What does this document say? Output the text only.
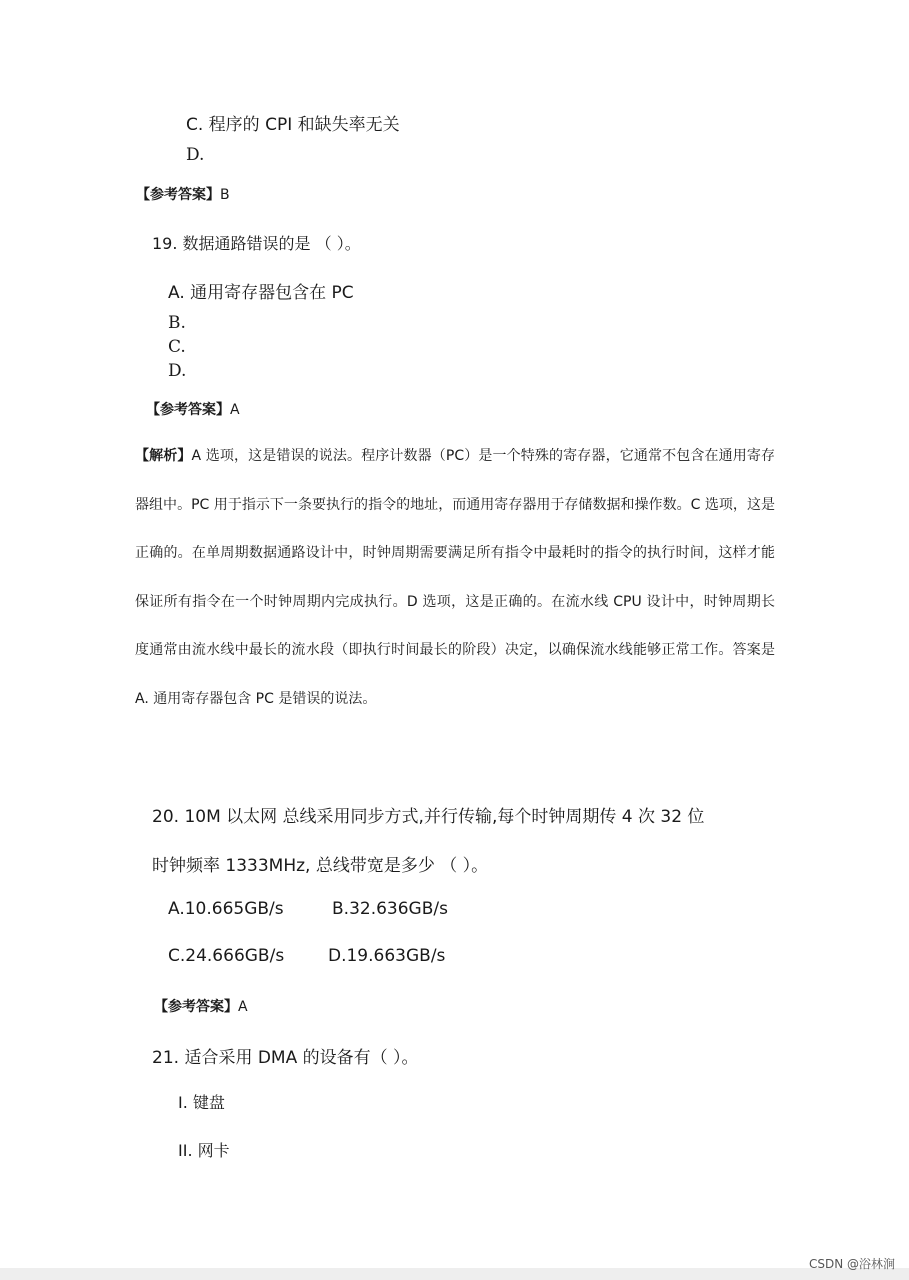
C. 程序的 CPI 和缺失率无关
D.
【参考答案】B
19. 数据通路错误的是 （ ）。
A. 通用寄存器包含在 PC
B.
C.
D.
【参考答案】A
【解析】A 选项，这是错误的说法。程序计数器（PC）是一个特殊的寄存器，它通常不包含在通用寄存器组中。PC 用于指示下一条要执行的指令的地址，而通用寄存器用于存储数据和操作数。C 选项，这是正确的。在单周期数据通路设计中，时钟周期需要满足所有指令中最耗时的指令的执行时间，这样才能保证所有指令在一个时钟周期内完成执行。D 选项，这是正确的。在流水线 CPU 设计中，时钟周期长度通常由流水线中最长的流水段（即执行时间最长的阶段）决定，以确保流水线能够正常工作。答案是 A. 通用寄存器包含 PC 是错误的说法。
20. 10M 以太网 总线采用同步方式,并行传输,每个时钟周期传 4 次 32 位
时钟频率 1333MHz, 总线带宽是多少 （ ）。
A.10.665GB/s	B.32.636GB/s
C.24.666GB/s	D.19.663GB/s
【参考答案】A
21. 适合采用 DMA 的设备有（ ）。
I. 键盘
II. 网卡
CSDN @浴林涧
